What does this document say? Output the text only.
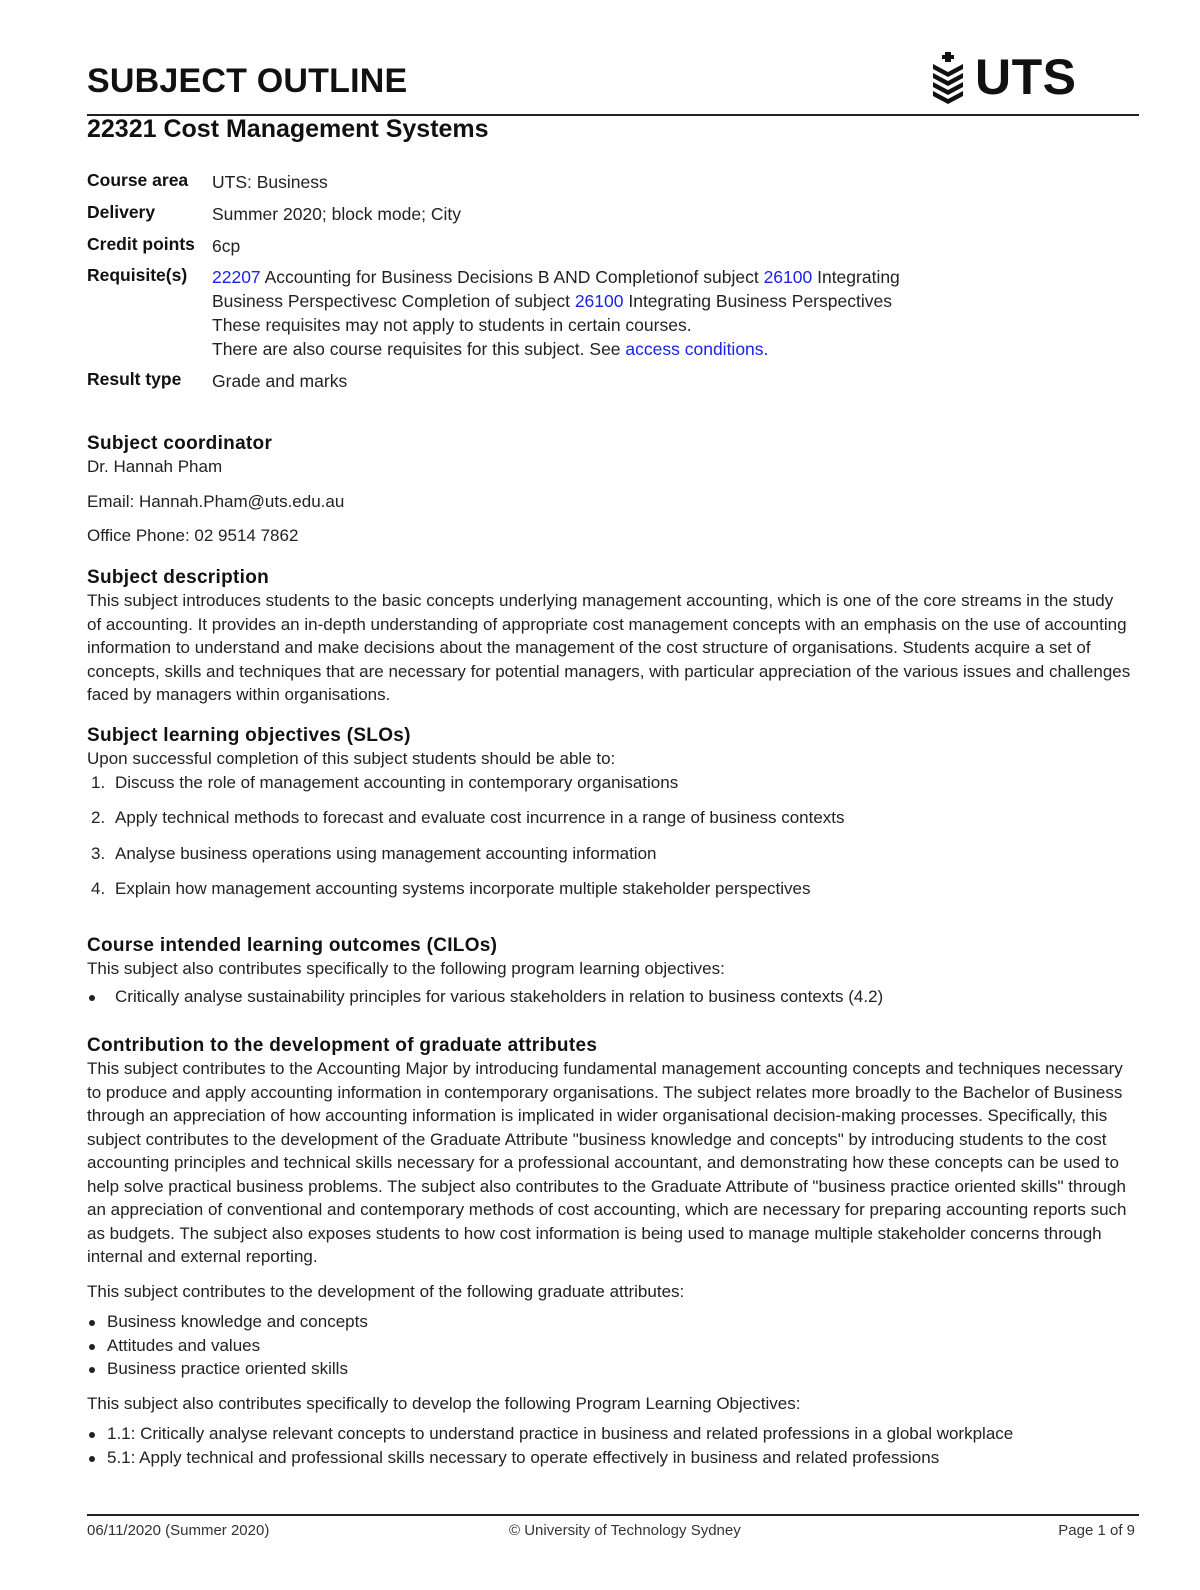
SUBJECT OUTLINE	UTS
22321 Cost Management Systems
Course area UTS: Business
Delivery	Summer 2020; block mode; City
Credit points 6cp
Requisite(s) 22207 Accounting for Business Decisions B AND Completionof subject 26100 Integrating
Business Perspectivesc Completion of subject 26100 Integrating Business Perspectives
These requisites may not apply to students in certain courses.
There are also course requisites for this subject. See access conditions.
Result type Grade and marks
Subject coordinator

Dr. Hannah Pham

Email: Hannah.Pham@uts.edu.au

Office Phone: 02 9514 7862

Subject description

This subject introduces students to the basic concepts underlying management accounting, which is one of the core streams in the study of accounting. It provides an in-depth understanding of appropriate cost management concepts with an emphasis on the use of accounting information to understand and make decisions about the management of the cost structure of organisations. Students acquire a set of concepts, skills and techniques that are necessary for potential managers, with particular appreciation of the various issues and challenges faced by managers within organisations.

Subject learning objectives (SLOs)

Upon successful completion of this subject students should be able to:

1. Discuss the role of management accounting in contemporary organisations
2. Apply technical methods to forecast and evaluate cost incurrence in a range of business contexts
3. Analyse business operations using management accounting information
4. Explain how management accounting systems incorporate multiple stakeholder perspectives
Course intended learning outcomes (CILOs)

This subject also contributes specifically to the following program learning objectives:

Critically analyse sustainability principles for various stakeholders in relation to business contexts (4.2)
Contribution to the development of graduate attributes

This subject contributes to the Accounting Major by introducing fundamental management accounting concepts and techniques necessary to produce and apply accounting information in contemporary organisations. The subject relates more broadly to the Bachelor of Business through an appreciation of how accounting information is implicated in wider organisational decision-making processes. Specifically, this subject contributes to the development of the Graduate Attribute "business knowledge and concepts" by introducing students to the cost accounting principles and technical skills necessary for a professional accountant, and demonstrating how these concepts can be used to help solve practical business problems. The subject also contributes to the Graduate Attribute of "business practice oriented skills" through an appreciation of conventional and contemporary methods of cost accounting, which are necessary for preparing accounting reports such as budgets. The subject also exposes students to how cost information is being used to manage multiple stakeholder concerns through internal and external reporting.

This subject contributes to the development of the following graduate attributes:

Business knowledge and concepts
Attitudes and values
Business practice oriented skills

This subject also contributes specifically to develop the following Program Learning Objectives:

1.1: Critically analyse relevant concepts to understand practice in business and related professions in a global workplace
5.1: Apply technical and professional skills necessary to operate effectively in business and related professions
06/11/2020 (Summer 2020)	© University of Technology Sydney	Page 1 of 9
